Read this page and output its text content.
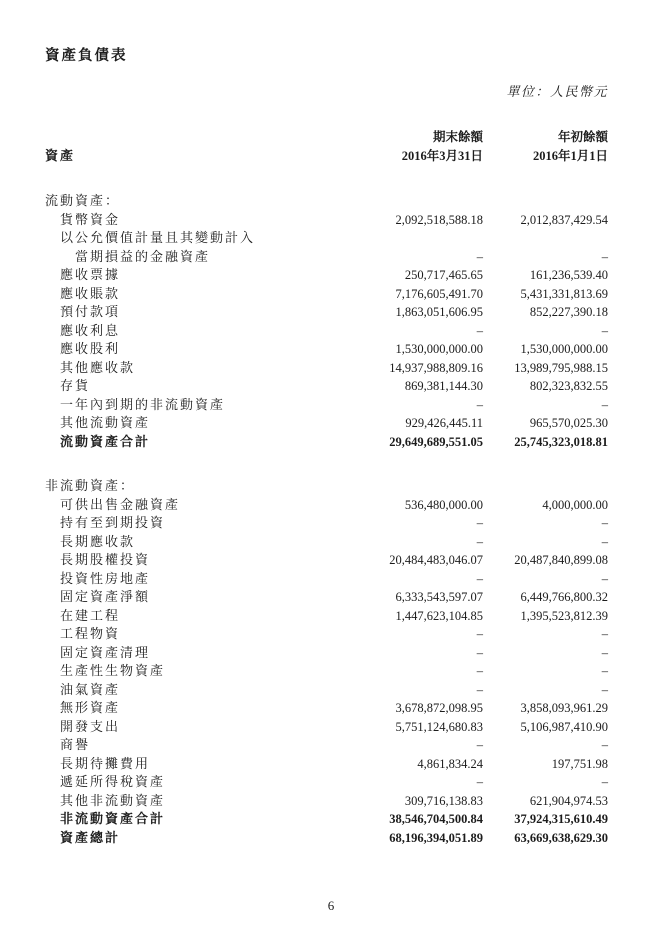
資產負債表
單位：人民幣元
期末餘額	年初餘額
資產	2016年3月31日	2016年1月1日
流動資產：
貨幣資金	2,092,518,588.18	2,012,837,429.54
以公允價值計量且其變動計入
當期損益的金融資產	–	–
應收票據	250,717,465.65	161,236,539.40
應收賬款	7,176,605,491.70	5,431,331,813.69
預付款項	1,863,051,606.95	852,227,390.18
應收利息	–	–
應收股利	1,530,000,000.00	1,530,000,000.00
其他應收款	14,937,988,809.16	13,989,795,988.15
存貨	869,381,144.30	802,323,832.55
一年內到期的非流動資產	–	–
其他流動資產	929,426,445.11	965,570,025.30
流動資產合計	29,649,689,551.05	25,745,323,018.81
非流動資產：
可供出售金融資產	536,480,000.00	4,000,000.00
持有至到期投資	–	–
長期應收款	–	–
長期股權投資	20,484,483,046.07	20,487,840,899.08
投資性房地產	–	–
固定資產淨額	6,333,543,597.07	6,449,766,800.32
在建工程	1,447,623,104.85	1,395,523,812.39
工程物資	–	–
固定資產清理	–	–
生產性生物資產	–	–
油氣資產	–	–
無形資產	3,678,872,098.95	3,858,093,961.29
開發支出	5,751,124,680.83	5,106,987,410.90
商譽	–	–
長期待攤費用	4,861,834.24	197,751.98
遞延所得稅資產	–	–
其他非流動資產	309,716,138.83	621,904,974.53
非流動資產合計	38,546,704,500.84	37,924,315,610.49
資產總計	68,196,394,051.89	63,669,638,629.30
6
